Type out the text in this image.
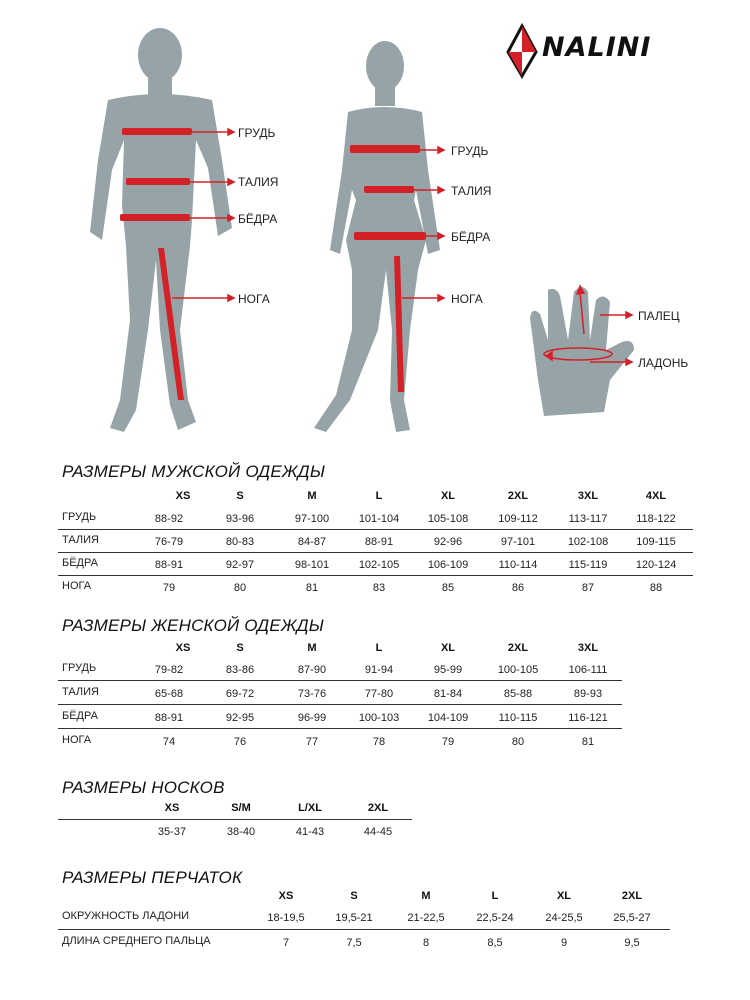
NALINI
ГРУДЬ
ТАЛИЯ
БЁДРА
НОГА
ГРУДЬ
ТАЛИЯ
БЁДРА
НОГА
ПАЛЕЦ
ЛАДОНЬ
РАЗМЕРЫ МУЖСКОЙ ОДЕЖДЫ
XS	S	M	L	XL	2XL	3XL	4XL
ГРУДЬ	88-92	93-96	97-100	101-104	105-108	109-112	113-117	118-122
ТАЛИЯ	76-79	80-83	84-87	88-91	92-96	97-101	102-108	109-115
БЁДРА	88-91	92-97	98-101	102-105	106-109	110-114	115-119	120-124
НОГА	79	80	81	83	85	86	87	88
РАЗМЕРЫ ЖЕНСКОЙ ОДЕЖДЫ
XS	S	M	L	XL	2XL	3XL
ГРУДЬ	79-82	83-86	87-90	91-94	95-99	100-105	106-111
ТАЛИЯ	65-68	69-72	73-76	77-80	81-84	85-88	89-93
БЁДРА	88-91	92-95	96-99	100-103	104-109	110-115	116-121
НОГА	74	76	77	78	79	80	81
РАЗМЕРЫ НОСКОВ
XS	S/M	L/XL	2XL
35-37	38-40	41-43	44-45
РАЗМЕРЫ ПЕРЧАТОК
XS	S	M	L	XL	2XL
ОКРУЖНОСТЬ ЛАДОНИ	18-19,5	19,5-21	21-22,5	22,5-24	24-25,5	25,5-27
ДЛИНА СРЕДНЕГО ПАЛЬЦА	7	7,5	8	8,5	9	9,5
